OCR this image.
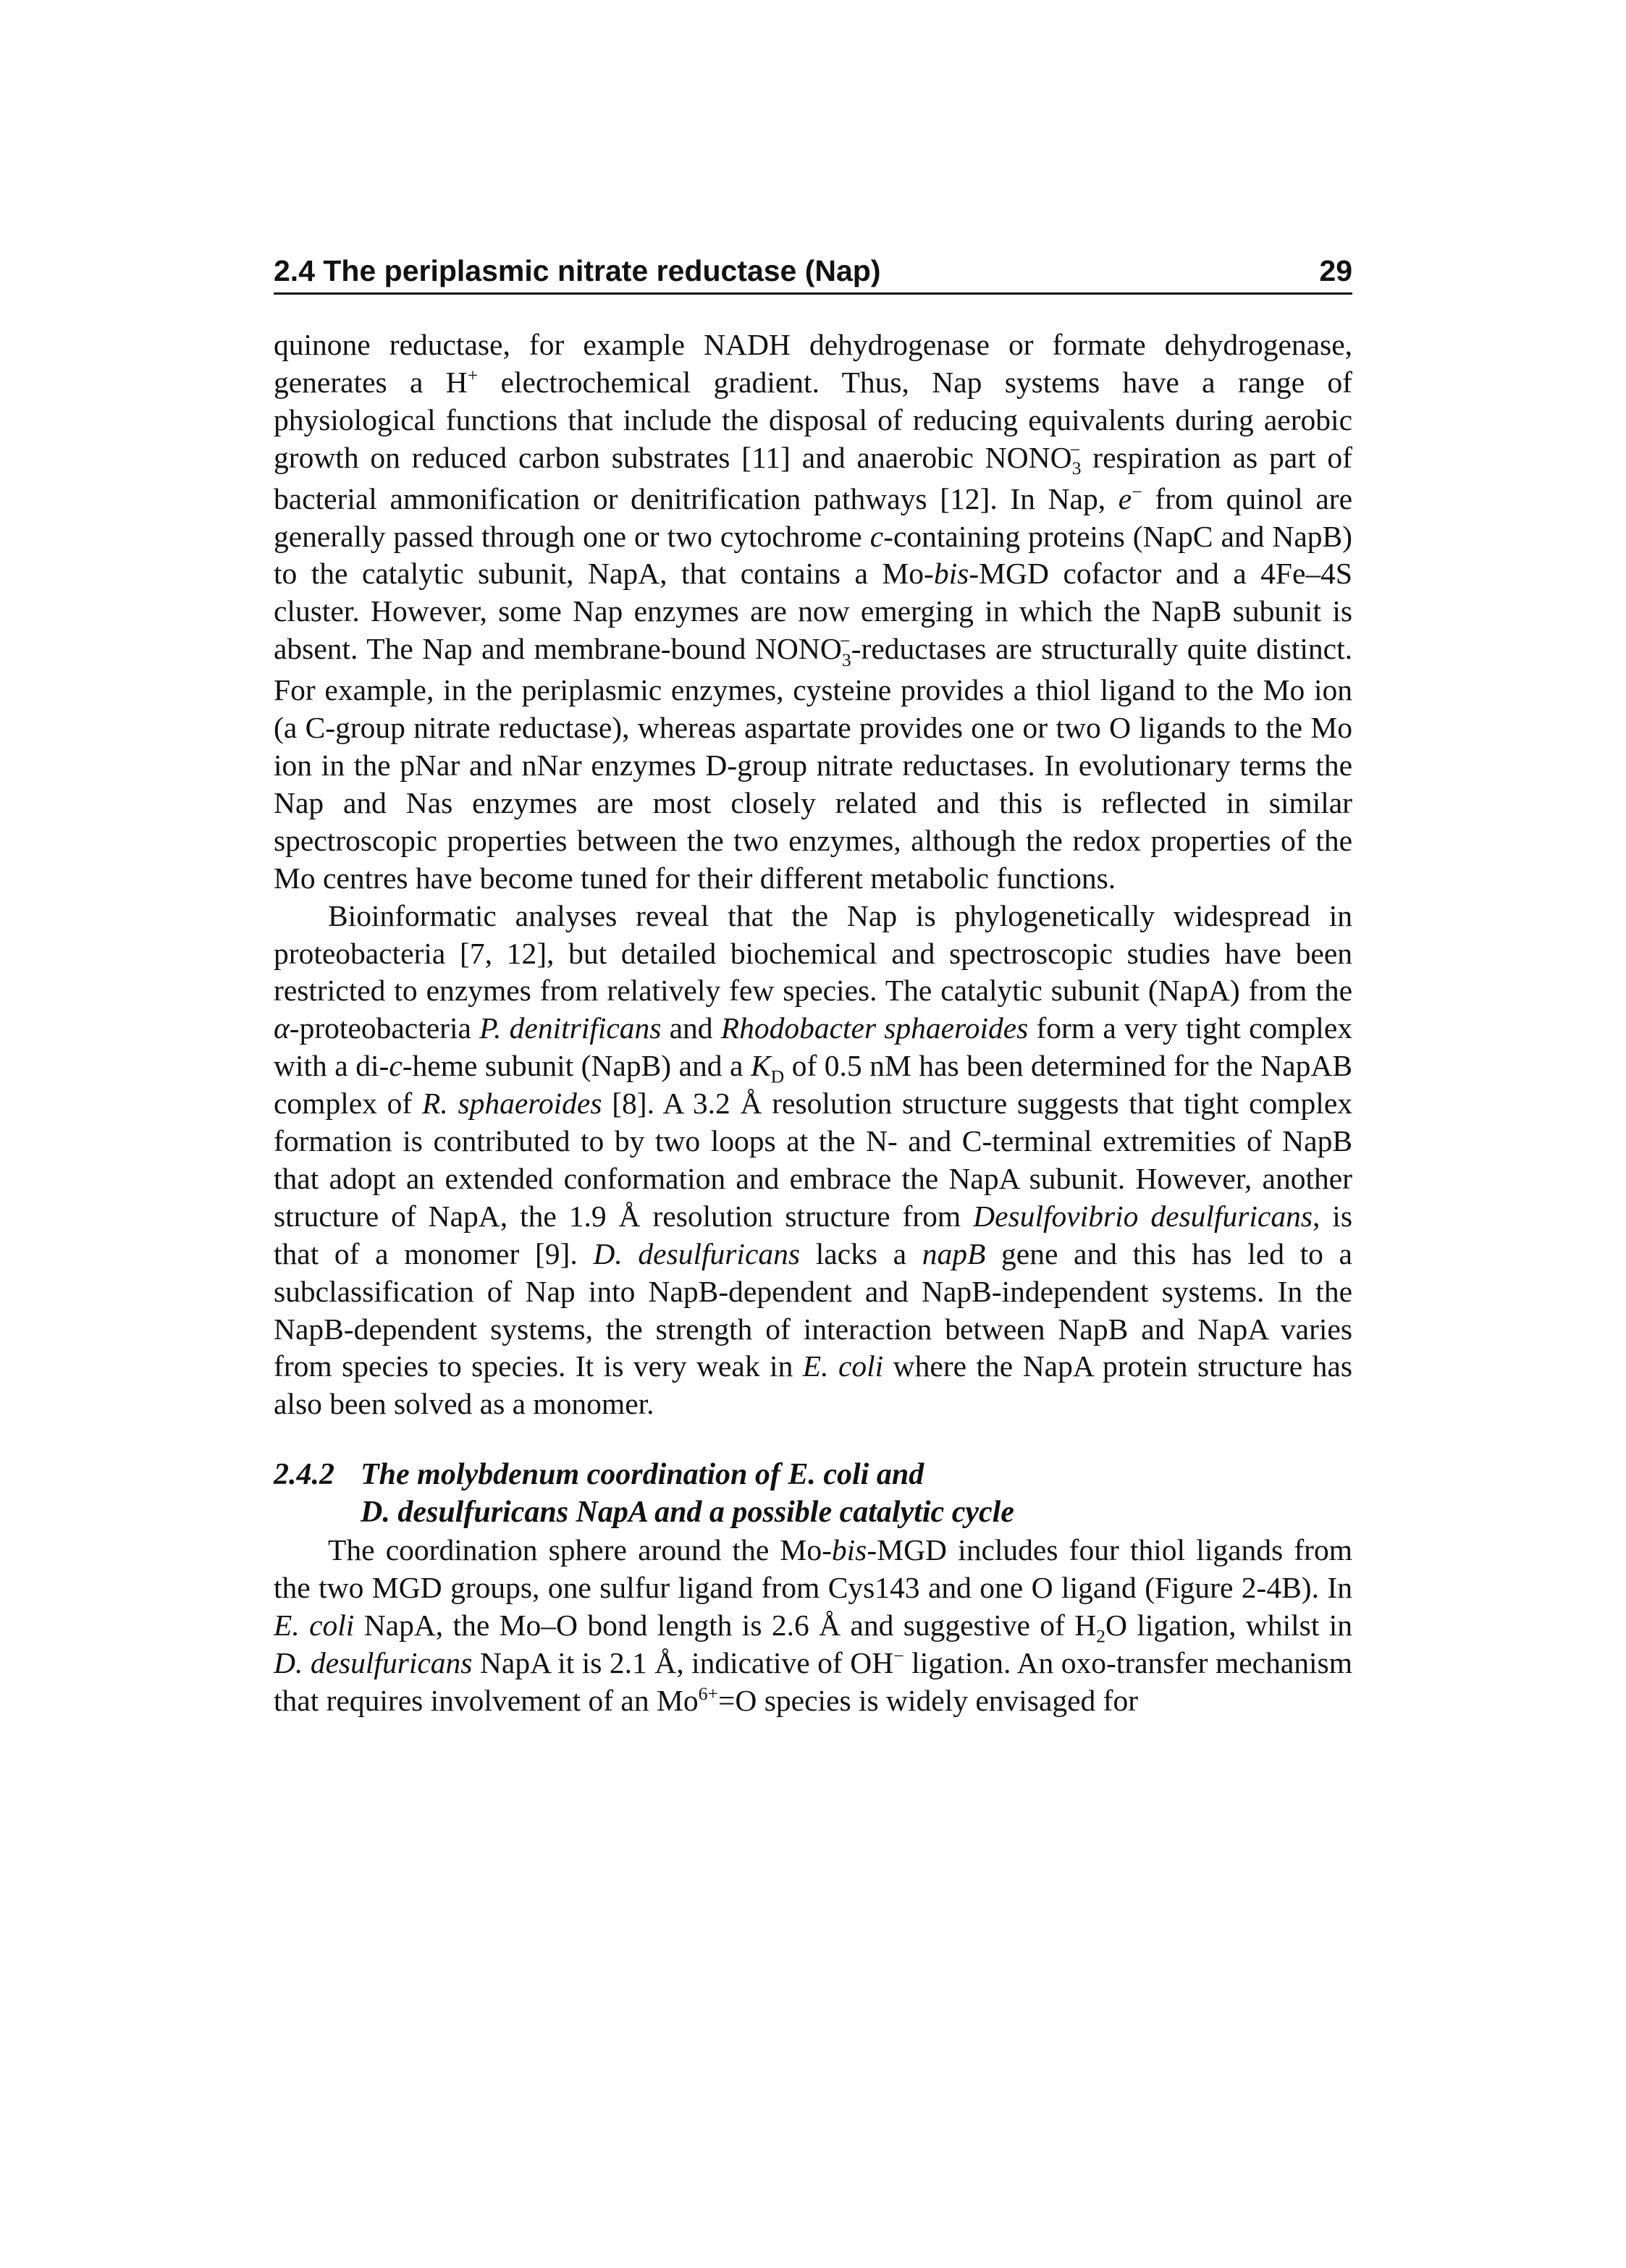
2.4 The periplasmic nitrate reductase (Nap)	29

quinone reductase, for example NADH dehydrogenase or formate dehydrogenase, generates a H+ electrochemical gradient. Thus, Nap systems have a range of physiological functions that include the disposal of reducing equivalents during aerobic growth on reduced carbon substrates [11] and anaerobic $NONO_3$
− respiration as part of bacterial ammonification or denitrification pathways [12]. In Nap, e− from quinol are generally passed through one or two cytochrome c-containing proteins (NapC and NapB) to the catalytic subunit, NapA, that contains a Mo-bis-MGD cofactor and a 4Fe–4S cluster. However, some Nap enzymes are now emerging in which the NapB subunit is absent. The Nap and membrane-bound $NONO_3$
− -reductases are structurally quite distinct. For example, in the periplasmic enzymes, cysteine provides a thiol ligand to the Mo ion (a C-group nitrate reductase), whereas aspartate provides one or two O ligands to the Mo ion in the pNar and nNar enzymes D-group nitrate reductases. In evolutionary terms the Nap and Nas enzymes are most closely related and this is reflected in similar spectroscopic properties between the two enzymes, although the redox properties of the Mo centres have become tuned for their different metabolic functions.

Bioinformatic analyses reveal that the Nap is phylogenetically widespread in proteobacteria [7, 12], but detailed biochemical and spectroscopic studies have been restricted to enzymes from relatively few species. The catalytic subunit (NapA) from the α-proteobacteria P. denitrificans and Rhodobacter sphaeroides form a very tight complex with a di-c-heme subunit (NapB) and a $K_D$ of 0.5 nM has been determined for the NapAB complex of R. sphaeroides [8]. A 3.2 Å resolution structure suggests that tight complex formation is contributed to by two loops at the N- and C-terminal extremities of NapB that adopt an extended conformation and embrace the NapA subunit. However, another structure of NapA, the 1.9 Å resolution structure from Desulfovibrio desulfuricans, is that of a monomer [9]. D. desulfuricans lacks a napB gene and this has led to a subclassification of Nap into NapB-dependent and NapB-independent systems. In the NapB-dependent systems, the strength of interaction between NapB and NapA varies from species to species. It is very weak in E. coli where the NapA protein structure has also been solved as a monomer.

2.4.2 The molybdenum coordination of E. coli and
D. desulfuricans NapA and a possible catalytic cycle

The coordination sphere around the Mo-bis-MGD includes four thiol ligands from the two MGD groups, one sulfur ligand from Cys143 and one O ligand (Figure 2-4B). In E. coli NapA, the Mo–O bond length is 2.6 Å and suggestive of $H_2O$ ligation, whilst in D. desulfuricans NapA it is 2.1 Å, indicative of OH− ligation. An oxo-transfer mechanism that requires involvement of an $Mo^{6+}=O$ species is widely envisaged for
